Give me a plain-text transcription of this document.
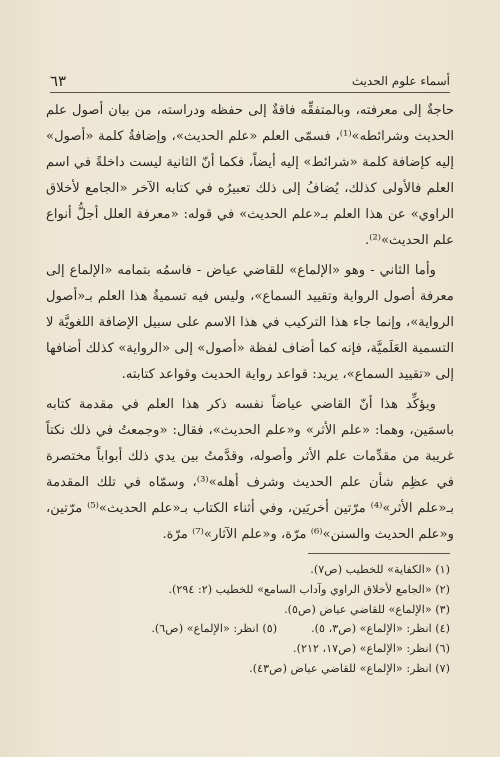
٦٣	أسماء علوم الحديث

حاجةٌ إلى معرفته، وبالمتفقِّه فاقةٌ إلى حفظه ودراسته، من بيان أصول علم الحديث وشرائطه»⁽¹⁾، فسمّى العلم «علم الحديث»، وإضافةُ كلمة «أصول» إليه كإضافة كلمة «شرائط» إليه أيضاً، فكما أنّ الثانية ليست داخلةً في اسم العلم فالأولى كذلك، يُضافُ إلى ذلك تعبيرُه في كتابه الآخر «الجامع لأخلاق الراوي» عن هذا العلم بـ«علم الحديث» في قوله: «معرفة العلل أجلُّ أنواع علم الحديث»⁽²⁾.

وأما الثاني - وهو «الإلماع» للقاضي عياض - فاسمُه بتمامه «الإلماع إلى معرفة أصول الرواية وتقييد السماع»، وليس فيه تسميةُ هذا العلم بـ«أصول الرواية»، وإنما جاء هذا التركيب في هذا الاسم على سبيل الإضافة اللغويَّة لا التسمية العَلَميَّة، فإنه كما أضاف لفظة «أصول» إلى «الرواية» كذلك أضافها إلى «تقييد السماع»، يريد: قواعد رواية الحديث وقواعد كتابته.

ويؤكِّد هذا أنّ القاضي عياضاً نفسه ذكر هذا العلم في مقدمة كتابه باسمَين، وهما: «علم الأثر» و«علم الحديث»، فقال: «وجمعتُ في ذلك نكتاً غريبة من مقدِّمات علم الأثر وأصوله، وقدَّمتُ بين يدي ذلك أبواباً مختصرة في عظِم شأن علم الحديث وشرف أهله»⁽³⁾، وسمّاه في تلك المقدمة بـ«علم الأثر»⁽⁴⁾ مرّتين أخريَين، وفي أثناء الكتاب بـ«علم الحديث»⁽⁵⁾ مرّتين، و«علم الحديث والسنن»⁽⁶⁾ مرّة، و«علم الآثار»⁽⁷⁾ مرّة.

(١) «الكفاية» للخطيب (ص٧).
(٢) «الجامع لأخلاق الراوي وآداب السامع» للخطيب (٢: ٢٩٤).
(٣) «الإلماع» للقاضي عياض (ص٥).
(٤) انظر: «الإلماع» (ص٣، ٥).(٥) انظر: «الإلماع» (ص٦).
(٦) انظر: «الإلماع» (ص١٧، ٢١٢).
(٧) انظر: «الإلماع» للقاضي عياض (ص٤٣).
